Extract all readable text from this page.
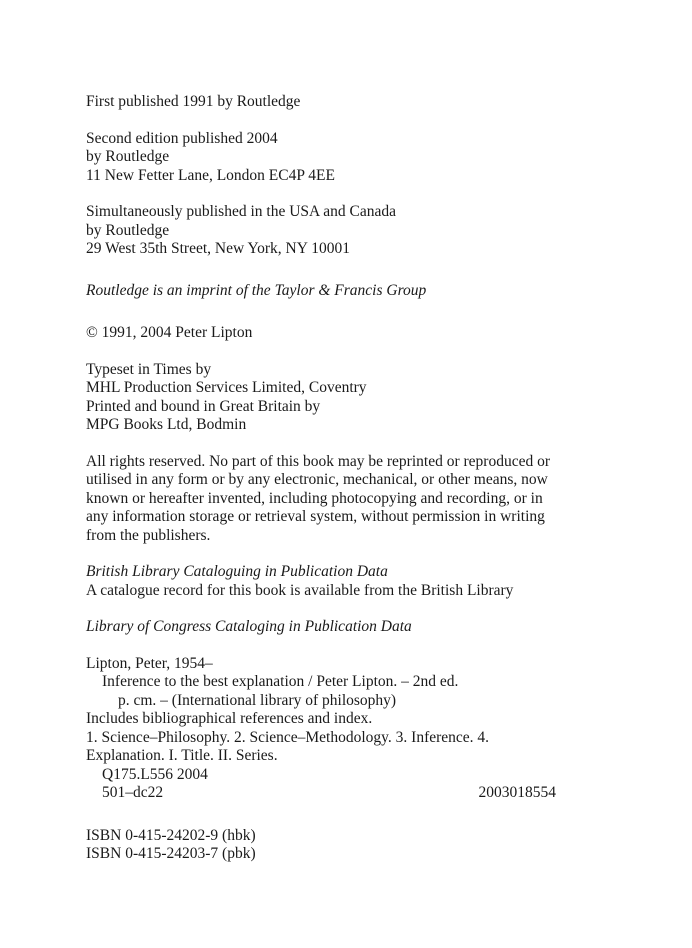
First published 1991 by Routledge

Second edition published 2004
by Routledge
11 New Fetter Lane, London EC4P 4EE

Simultaneously published in the USA and Canada
by Routledge
29 West 35th Street, New York, NY 10001

Routledge is an imprint of the Taylor & Francis Group

© 1991, 2004 Peter Lipton

Typeset in Times by
MHL Production Services Limited, Coventry
Printed and bound in Great Britain by
MPG Books Ltd, Bodmin

All rights reserved. No part of this book may be reprinted or reproduced or utilised in any form or by any electronic, mechanical, or other means, now known or hereafter invented, including photocopying and recording, or in any information storage or retrieval system, without permission in writing from the publishers.

British Library Cataloguing in Publication Data
A catalogue record for this book is available from the British Library

Library of Congress Cataloging in Publication Data

Lipton, Peter, 1954–
Inference to the best explanation / Peter Lipton. – 2nd ed.
p. cm. – (International library of philosophy)
Includes bibliographical references and index.
1. Science–Philosophy. 2. Science–Methodology. 3. Inference. 4.
Explanation. I. Title. II. Series.
Q175.L556 2004
501–dc22	2003018554

ISBN 0-415-24202-9 (hbk)
ISBN 0-415-24203-7 (pbk)
